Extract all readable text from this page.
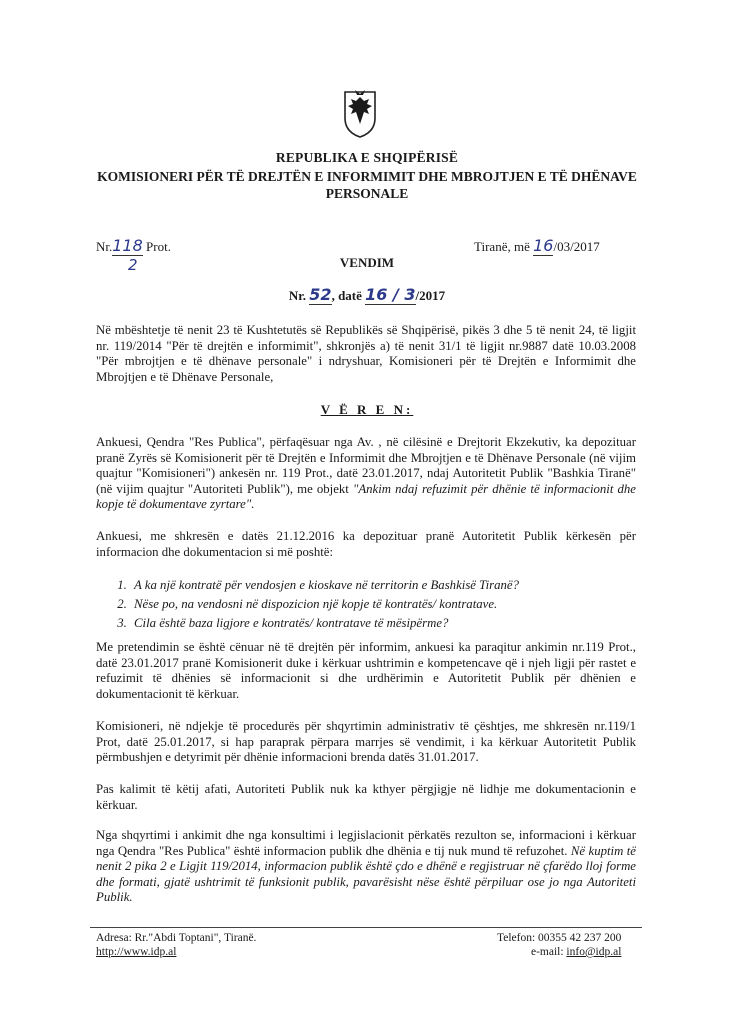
REPUBLIKA E SHQIPËRISË
KOMISIONERI PËR TË DREJTËN E INFORMIMIT DHE MBROJTJEN E TË DHËNAVE PERSONALE
Nr.118 Prot.
2
Tiranë, më 16/03/2017
VENDIM
Nr. 52, datë 16 / 3/2017
Në mbështetje të nenit 23 të Kushtetutës së Republikës së Shqipërisë, pikës 3 dhe 5 të nenit 24, të ligjit nr. 119/2014 "Për të drejtën e informimit", shkronjës a) të nenit 31/1 të ligjit nr.9887 datë 10.03.2008 "Për mbrojtjen e të dhënave personale" i ndryshuar, Komisioneri për të Drejtën e Informimit dhe Mbrojtjen e të Dhënave Personale,
V Ë R E N:
Ankuesi, Qendra "Res Publica", përfaqësuar nga Av. , në cilësinë e Drejtorit Ekzekutiv, ka depozituar pranë Zyrës së Komisionerit për të Drejtën e Informimit dhe Mbrojtjen e të Dhënave Personale (në vijim quajtur "Komisioneri") ankesën nr. 119 Prot., datë 23.01.2017, ndaj Autoritetit Publik "Bashkia Tiranë" (në vijim quajtur "Autoriteti Publik"), me objekt "Ankim ndaj refuzimit për dhënie të informacionit dhe kopje të dokumentave zyrtare".
Ankuesi, me shkresën e datës 21.12.2016 ka depozituar pranë Autoritetit Publik kërkesën për informacion dhe dokumentacion si më poshtë:
1. A ka një kontratë për vendosjen e kioskave në territorin e Bashkisë Tiranë?
2. Nëse po, na vendosni në dispozicion një kopje të kontratës/ kontratave.
3. Cila është baza ligjore e kontratës/ kontratave të mësipërme?
Me pretendimin se është cënuar në të drejtën për informim, ankuesi ka paraqitur ankimin nr.119 Prot., datë 23.01.2017 pranë Komisionerit duke i kërkuar ushtrimin e kompetencave që i njeh ligji për rastet e refuzimit të dhënies së informacionit si dhe urdhërimin e Autoritetit Publik për dhënien e dokumentacionit të kërkuar.
Komisioneri, në ndjekje të procedurës për shqyrtimin administrativ të çështjes, me shkresën nr.119/1 Prot, datë 25.01.2017, si hap paraprak përpara marrjes së vendimit, i ka kërkuar Autoritetit Publik përmbushjen e detyrimit për dhënie informacioni brenda datës 31.01.2017.
Pas kalimit të këtij afati, Autoriteti Publik nuk ka kthyer përgjigje në lidhje me dokumentacionin e kërkuar.
Nga shqyrtimi i ankimit dhe nga konsultimi i legjislacionit përkatës rezulton se, informacioni i kërkuar nga Qendra "Res Publica" është informacion publik dhe dhënia e tij nuk mund të refuzohet. Në kuptim të nenit 2 pika 2 e Ligjit 119/2014, informacion publik është çdo e dhënë e regjistruar në çfarëdo lloj forme dhe formati, gjatë ushtrimit të funksionit publik, pavarësisht nëse është përpiluar ose jo nga Autoriteti Publik.
Adresa: Rr."Abdi Toptani", Tiranë.
http://www.idp.al
Telefon: 00355 42 237 200
e-mail: info@idp.al
